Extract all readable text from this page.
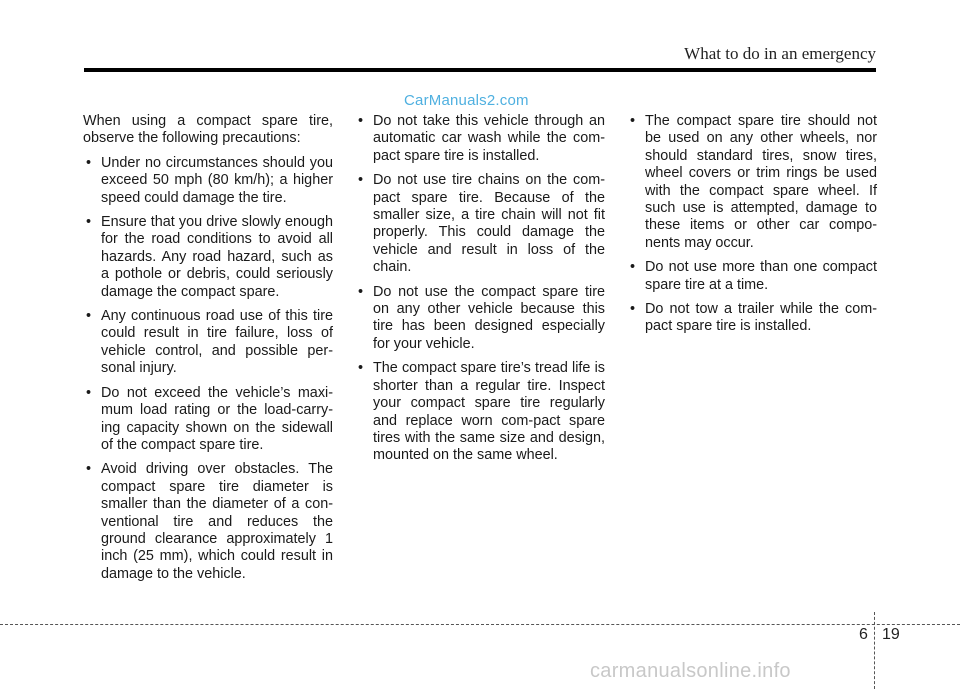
What to do in an emergency
CarManuals2.com

When using a compact spare tire, observe the following precautions:

• Under no circumstances should you exceed 50 mph (80 km/h); a higher speed could damage the tire.
• Ensure that you drive slowly enough for the road conditions to avoid all hazards. Any road hazard, such as a pothole or debris, could seriously damage the compact spare.
• Any continuous road use of this tire could result in tire failure, loss of vehicle control, and possible per-sonal injury.
• Do not exceed the vehicle’s maxi-mum load rating or the load-carry-ing capacity shown on the sidewall of the compact spare tire.
• Avoid driving over obstacles. The compact spare tire diameter is smaller than the diameter of a con-ventional tire and reduces the ground clearance approximately 1 inch (25 mm), which could result in damage to the vehicle.
• Do not take this vehicle through an automatic car wash while the com-pact spare tire is installed.
• Do not use tire chains on the com-pact spare tire. Because of the smaller size, a tire chain will not fit properly. This could damage the vehicle and result in loss of the chain.
• Do not use the compact spare tire on any other vehicle because this tire has been designed especially for your vehicle.
• The compact spare tire’s tread life is shorter than a regular tire. Inspect your compact spare tire regularly and replace worn com-pact spare tires with the same size and design, mounted on the same wheel.
• The compact spare tire should not be used on any other wheels, nor should standard tires, snow tires, wheel covers or trim rings be used with the compact spare wheel. If such use is attempted, damage to these items or other car compo-nents may occur.
• Do not use more than one compact spare tire at a time.
• Do not tow a trailer while the com-pact spare tire is installed.
6 19
carmanualsonline.info
